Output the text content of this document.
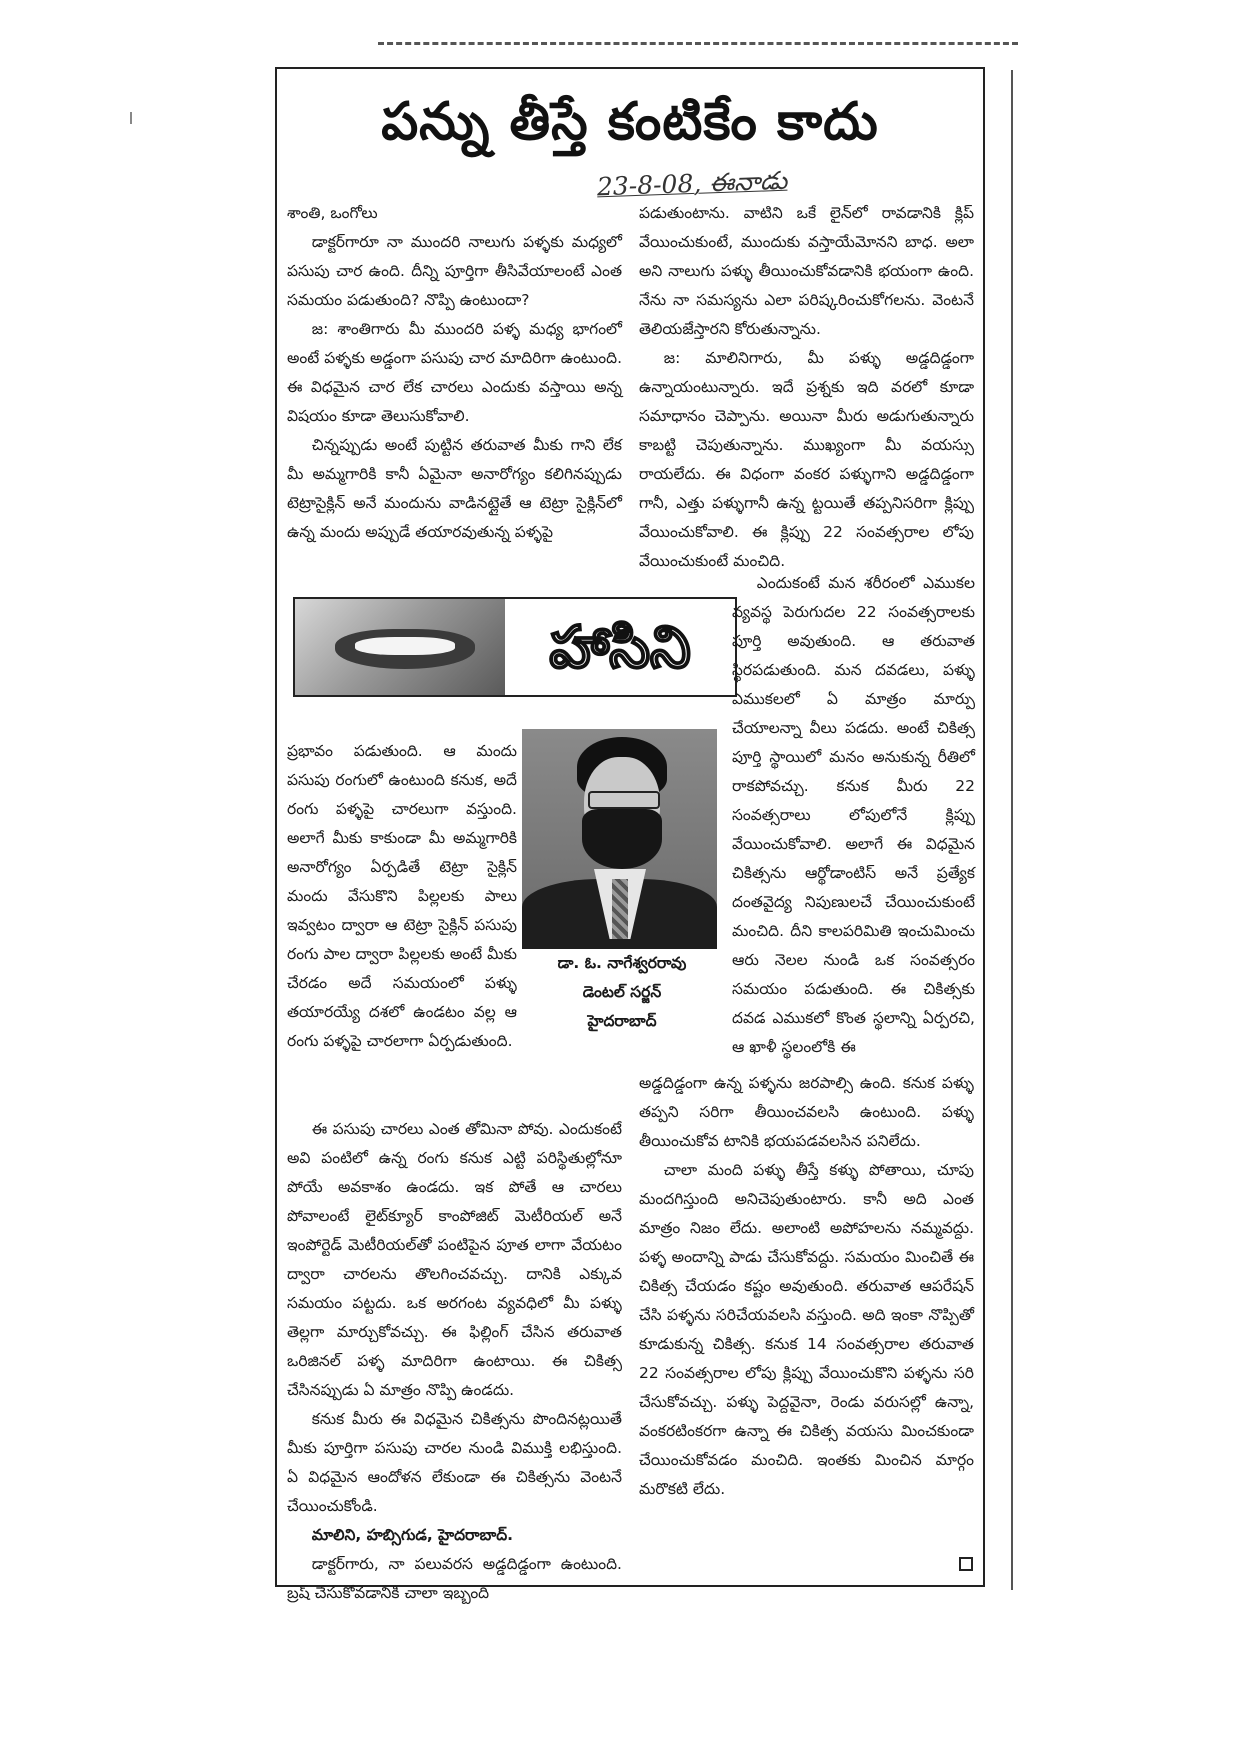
పన్ను తీస్తే కంటికేం కాదు
23-8-08, ఈనాడు

శాంతి, ఒంగోలు

డాక్టర్‌గారూ నా ముందరి నాలుగు పళ్ళకు మధ్యలో పసుపు చార ఉంది. దీన్ని పూర్తిగా తీసివేయాలంటే ఎంత సమయం పడుతుంది? నొప్పి ఉంటుందా?

జ: శాంతిగారు మీ ముందరి పళ్ళ మధ్య భాగంలో అంటే పళ్ళకు అడ్డంగా పసుపు చార మాదిరిగా ఉంటుంది. ఈ విధమైన చార లేక చారలు ఎందుకు వస్తాయి అన్న విషయం కూడా తెలుసుకోవాలి.

చిన్నప్పుడు అంటే పుట్టిన తరువాత మీకు గాని లేక మీ అమ్మగారికి కానీ ఏమైనా అనారోగ్యం కలిగినప్పుడు టెట్రాసైక్లిన్ అనే మందును వాడినట్లైతే ఆ టెట్రా సైక్లిన్‌లో ఉన్న మందు అప్పుడే తయారవుతున్న పళ్ళపై

పడుతుంటాను. వాటిని ఒకే లైన్‌లో రావడానికి క్లిప్ వేయించుకుంటే, ముందుకు వస్తాయేమోనని బాధ. అలా అని నాలుగు పళ్ళు తీయించుకోవడానికి భయంగా ఉంది. నేను నా సమస్యను ఎలా పరిష్కరించుకోగలను. వెంటనే తెలియజేస్తారని కోరుతున్నాను.

జ: మాలినిగారు, మీ పళ్ళు అడ్డదిడ్డంగా ఉన్నాయంటున్నారు. ఇదే ప్రశ్నకు ఇది వరలో కూడా సమాధానం చెప్పాను. అయినా మీరు అడుగుతున్నారు కాబట్టి చెపుతున్నాను. ముఖ్యంగా మీ వయస్సు రాయలేదు. ఈ విధంగా వంకర పళ్ళుగాని అడ్డదిడ్డంగా గానీ, ఎత్తు పళ్ళుగానీ ఉన్న ట్టయితే తప్పనిసరిగా క్లిప్పు వేయించుకోవాలి. ఈ క్లిప్పు 22 సంవత్సరాల లోపు వేయించుకుంటే మంచిది.

హాసిని

ఎందుకంటే మన శరీరంలో ఎముకల వ్యవస్థ పెరుగుదల 22 సంవత్సరాలకు పూర్తి అవుతుంది. ఆ తరువాత స్థిరపడుతుంది. మన దవడలు, పళ్ళు ఎముకలలో ఏ మాత్రం మార్పు చేయాలన్నా వీలు పడదు. అంటే చికిత్స పూర్తి స్థాయిలో మనం అనుకున్న రీతిలో రాకపోవచ్చు. కనుక మీరు 22 సంవత్సరాలు లోపులోనే క్లిప్పు వేయించుకోవాలి. అలాగే ఈ విధమైన చికిత్సను ఆర్థోడాంటిస్ అనే ప్రత్యేక దంతవైద్య నిపుణులచే చేయించుకుంటే మంచిది. దీని కాలపరిమితి ఇంచుమించు ఆరు నెలల నుండి ఒక సంవత్సరం సమయం పడుతుంది. ఈ చికిత్సకు దవడ ఎముకలో కొంత స్థలాన్ని ఏర్పరచి, ఆ ఖాళీ స్థలంలోకి ఈ

ప్రభావం పడుతుంది. ఆ మందు పసుపు రంగులో ఉంటుంది కనుక, అదే రంగు పళ్ళపై చారలుగా వస్తుంది. అలాగే మీకు కాకుండా మీ అమ్మగారికి అనారోగ్యం ఏర్పడితే టెట్రా సైక్లిన్ మందు వేసుకొని పిల్లలకు పాలు ఇవ్వటం ద్వారా ఆ టెట్రా సైక్లిన్ పసుపు రంగు పాల ద్వారా పిల్లలకు అంటే మీకు చేరడం అదే సమయంలో పళ్ళు తయారయ్యే దశలో ఉండటం వల్ల ఆ రంగు పళ్ళపై చారలాగా ఏర్పడుతుంది.

డా. ఓ. నాగేశ్వరరావు
డెంటల్ సర్జన్
హైదరాబాద్

ఈ పసుపు చారలు ఎంత తోమినా పోవు. ఎందుకంటే అవి పంటిలో ఉన్న రంగు కనుక ఎట్టి పరిస్థితుల్లోనూ పోయే అవకాశం ఉండదు. ఇక పోతే ఆ చారలు పోవాలంటే లైట్‌క్యూర్ కాంపోజిట్ మెటీరియల్ అనే ఇంపోర్టెడ్ మెటీరియల్‌తో పంటిపైన పూత లాగా వేయటం ద్వారా చారలను తొలగించవచ్చు. దానికి ఎక్కువ సమయం పట్టదు. ఒక అరగంట వ్యవధిలో మీ పళ్ళు తెల్లగా మార్చుకోవచ్చు. ఈ ఫిల్లింగ్ చేసిన తరువాత ఒరిజినల్ పళ్ళ మాదిరిగా ఉంటాయి. ఈ చికిత్స చేసినప్పుడు ఏ మాత్రం నొప్పి ఉండదు.

కనుక మీరు ఈ విధమైన చికిత్సను పొందినట్లయితే మీకు పూర్తిగా పసుపు చారల నుండి విముక్తి లభిస్తుంది. ఏ విధమైన ఆందోళన లేకుండా ఈ చికిత్సను వెంటనే చేయించుకోండి.

మాలిని, హబ్సిగుడ, హైదరాబాద్.

డాక్టర్‌గారు, నా పలువరస అడ్డదిడ్డంగా ఉంటుంది. బ్రష్ చేసుకోవడానికి చాలా ఇబ్బంది

అడ్డదిడ్డంగా ఉన్న పళ్ళను జరపాల్సి ఉంది. కనుక పళ్ళు తప్పని సరిగా తీయించవలసి ఉంటుంది. పళ్ళు తీయించుకోవ టానికి భయపడవలసిన పనిలేదు.

చాలా మంది పళ్ళు తీస్తే కళ్ళు పోతాయి, చూపు మందగిస్తుంది అనిచెపుతుంటారు. కానీ అది ఎంత మాత్రం నిజం లేదు. అలాంటి అపోహలను నమ్మవద్దు. పళ్ళ అందాన్ని పాడు చేసుకోవద్దు. సమయం మించితే ఈ చికిత్స చేయడం కష్టం అవుతుంది. తరువాత ఆపరేషన్ చేసి పళ్ళను సరిచేయవలసి వస్తుంది. అది ఇంకా నొప్పితో కూడుకున్న చికిత్స. కనుక 14 సంవత్సరాల తరువాత 22 సంవత్సరాల లోపు క్లిప్పు వేయించుకొని పళ్ళను సరి చేసుకోవచ్చు. పళ్ళు పెద్దవైనా, రెండు వరుసల్లో ఉన్నా, వంకరటింకరగా ఉన్నా ఈ చికిత్స వయసు మించకుండా చేయించుకోవడం మంచిది. ఇంతకు మించిన మార్గం మరొకటి లేదు.
